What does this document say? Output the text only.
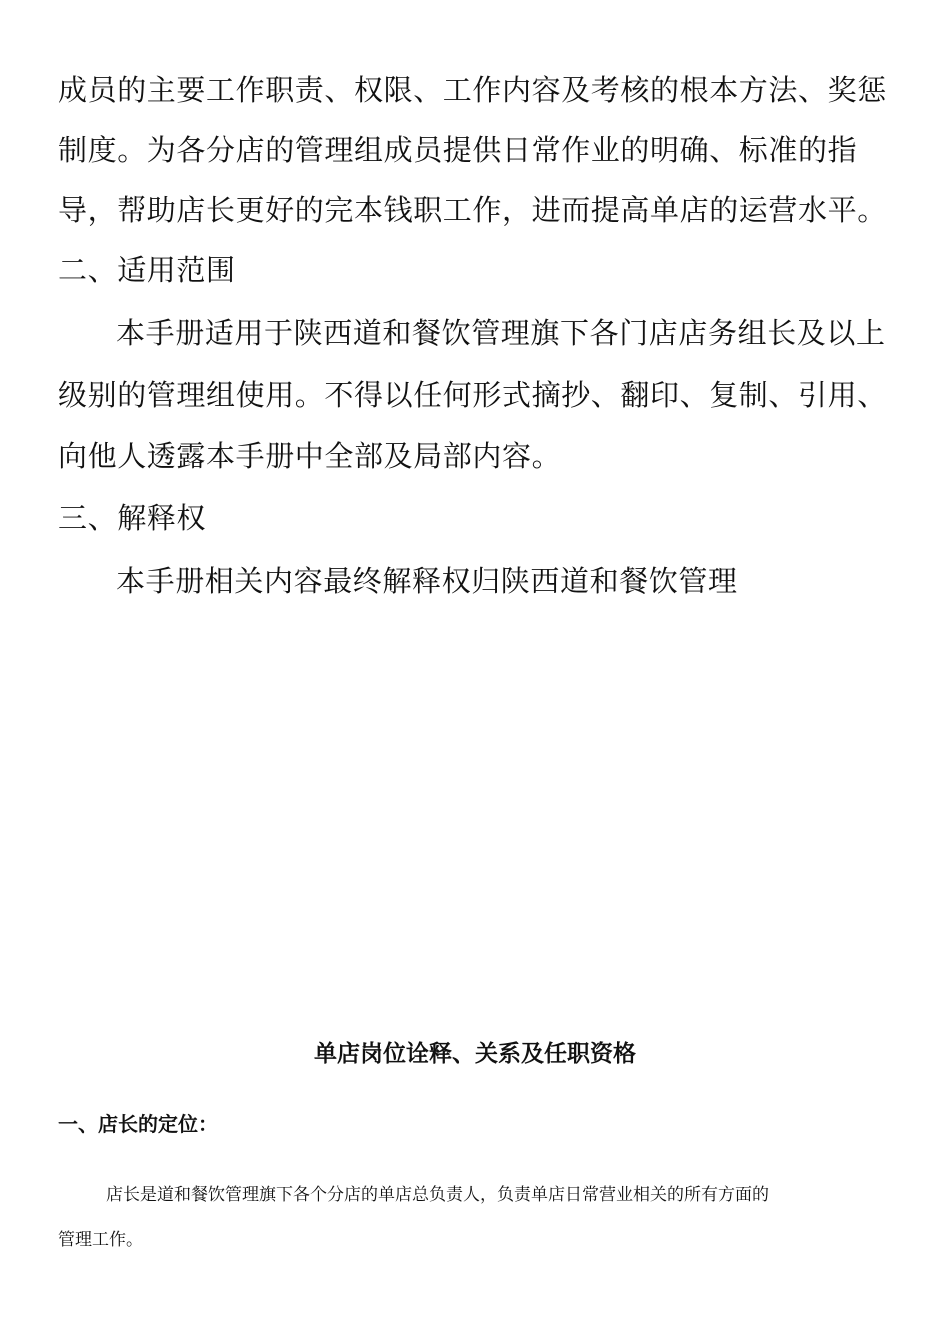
成员的主要工作职责、权限、工作内容及考核的根本方法、奖惩
制度。为各分店的管理组成员提供日常作业的明确、标准的指
导，帮助店长更好的完本钱职工作，进而提高单店的运营水平。
二、适用范围
本手册适用于陕西道和餐饮管理旗下各门店店务组长及以上
级别的管理组使用。不得以任何形式摘抄、翻印、复制、引用、
向他人透露本手册中全部及局部内容。
三、解释权
本手册相关内容最终解释权归陕西道和餐饮管理
单店岗位诠释、关系及任职资格
一、店长的定位：
店长是道和餐饮管理旗下各个分店的单店总负责人，负责单店日常营业相关的所有方面的
管理工作。
